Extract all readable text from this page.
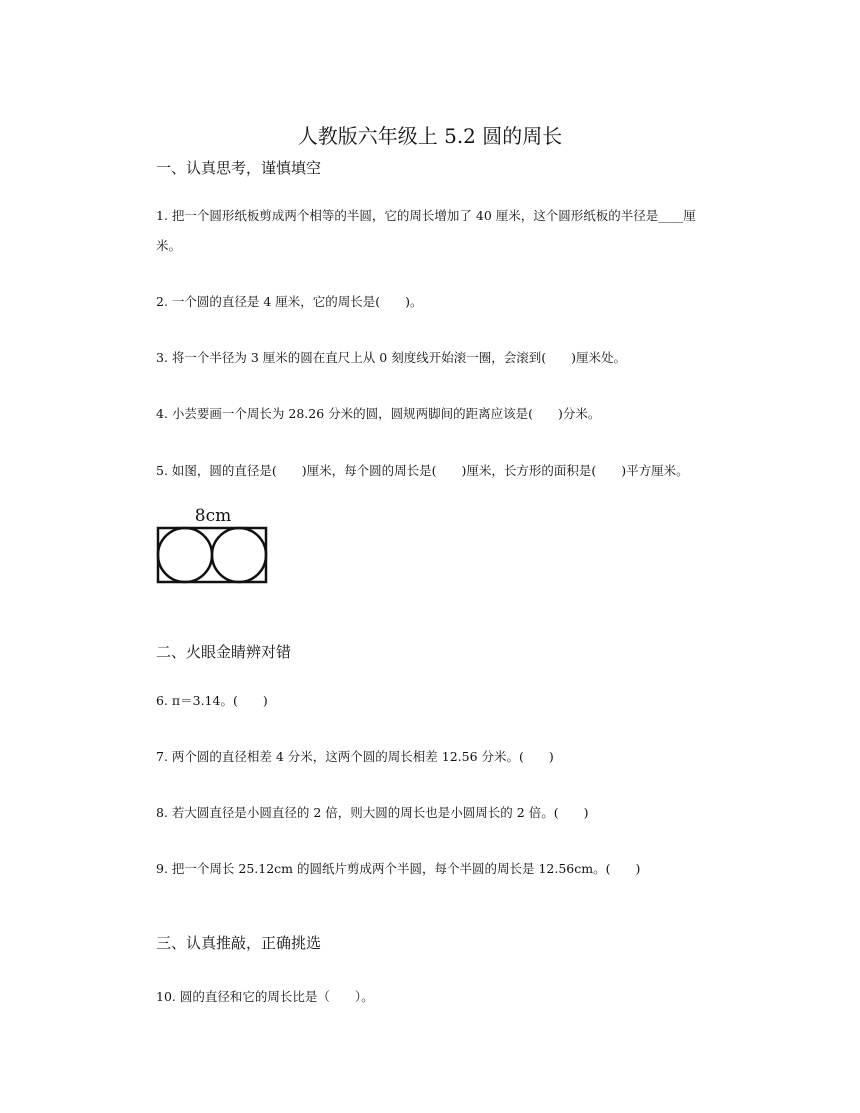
人教版六年级上 5.2 圆的周长
一、认真思考，谨慎填空

1. 把一个圆形纸板剪成两个相等的半圆，它的周长增加了 40 厘米，这个圆形纸板的半径是____厘米。

2. 一个圆的直径是 4 厘米，它的周长是(　　)。

3. 将一个半径为 3 厘米的圆在直尺上从 0 刻度线开始滚一圈，会滚到(　　)厘米处。

4. 小芸要画一个周长为 28.26 分米的圆，圆规两脚间的距离应该是(　　)分米。

5. 如图，圆的直径是(　　)厘米，每个圆的周长是(　　)厘米，长方形的面积是(　　)平方厘米。

8cm
二、火眼金睛辨对错

6. π＝3.14。(　　)

7. 两个圆的直径相差 4 分米，这两个圆的周长相差 12.56 分米。(　　)

8. 若大圆直径是小圆直径的 2 倍，则大圆的周长也是小圆周长的 2 倍。(　　)

9. 把一个周长 25.12cm 的圆纸片剪成两个半圆，每个半圆的周长是 12.56cm。(　　)

三、认真推敲，正确挑选

10. 圆的直径和它的周长比是（　　）。
